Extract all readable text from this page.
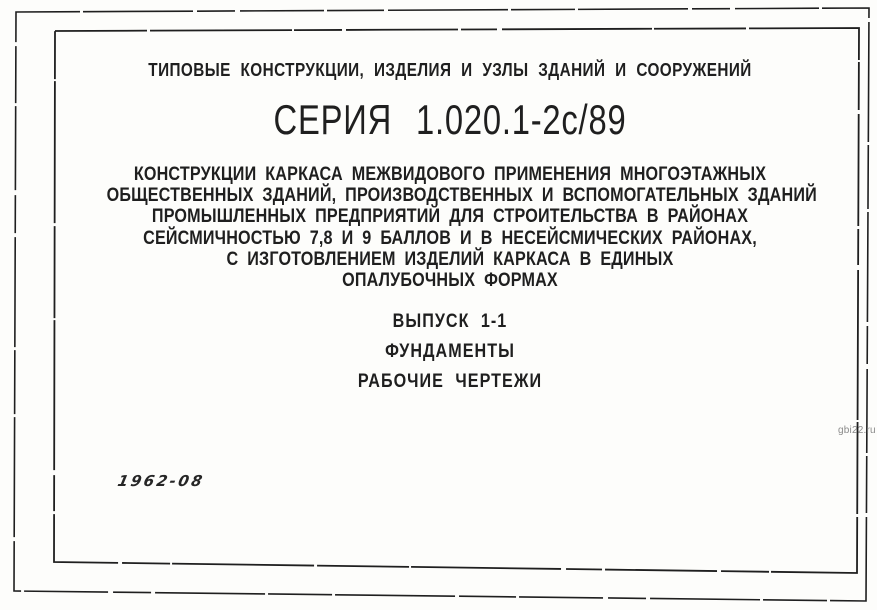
ТИПОВЫЕ КОНСТРУКЦИИ, ИЗДЕЛИЯ И УЗЛЫ ЗДАНИЙ И СООРУЖЕНИЙ
СЕРИЯ 1.020.1-2с/89
КОНСТРУКЦИИ КАРКАСА МЕЖВИДОВОГО ПРИМЕНЕНИЯ МНОГОЭТАЖНЫХ
ОБЩЕСТВЕННЫХ ЗДАНИЙ, ПРОИЗВОДСТВЕННЫХ И ВСПОМОГАТЕЛЬНЫХ ЗДАНИЙ
ПРОМЫШЛЕННЫХ ПРЕДПРИЯТИЙ ДЛЯ СТРОИТЕЛЬСТВА В РАЙОНАХ
СЕЙСМИЧНОСТЬЮ 7,8 И 9 БАЛЛОВ И В НЕСЕЙСМИЧЕСКИХ РАЙОНАХ,
С ИЗГОТОВЛЕНИЕМ ИЗДЕЛИЙ КАРКАСА В ЕДИНЫХ
ОПАЛУБОЧНЫХ ФОРМАХ
ВЫПУСК 1-1
ФУНДАМЕНТЫ
РАБОЧИЕ ЧЕРТЕЖИ
1962-08
gbi22.ru
